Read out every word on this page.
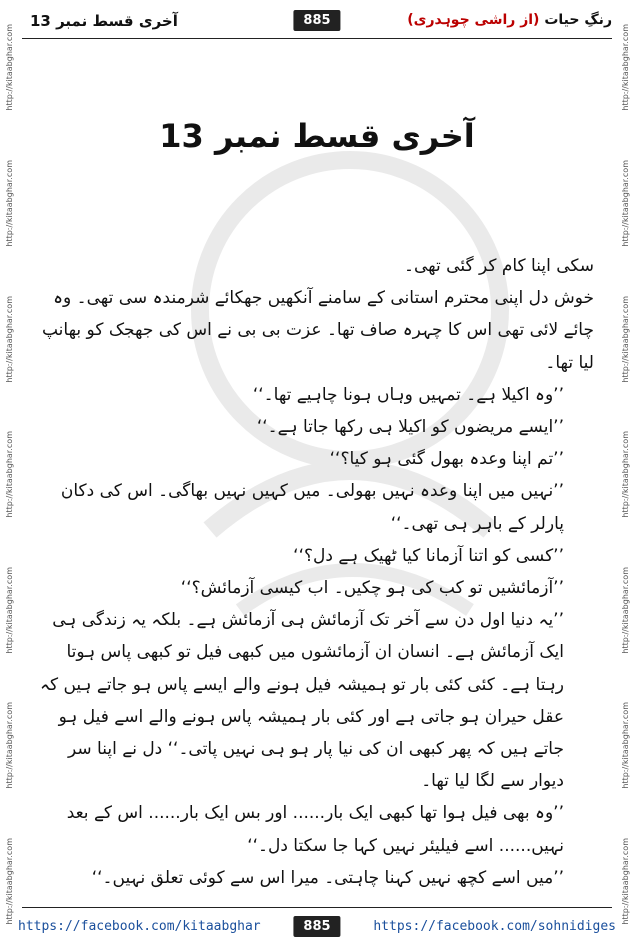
آخری قسط نمبر 13	885	رنگِ حیات (از راشی چوہدری)
http://kitaabghar.com
http://kitaabghar.com
http://kitaabghar.com
http://kitaabghar.com
http://kitaabghar.com
http://kitaabghar.com
http://kitaabghar.com
http://kitaabghar.com
http://kitaabghar.com
http://kitaabghar.com
http://kitaabghar.com
http://kitaabghar.com
http://kitaabghar.com
http://kitaabghar.com
آخری قسط نمبر 13

سکی اپنا کام کر گئی تھی۔

خوش دل اپنی محترم استانی کے سامنے آنکھیں جھکائے شرمندہ سی تھی۔ وہ چائے لائی تھی اس کا چہرہ صاف تھا۔ عزت بی بی نے اس کی جھجک کو بھانپ لیا تھا۔

’’وہ اکیلا ہے۔ تمہیں وہاں ہونا چاہیے تھا۔‘‘

’’ایسے مریضوں کو اکیلا ہی رکھا جاتا ہے۔‘‘

’’تم اپنا وعدہ بھول گئی ہو کیا؟‘‘

’’نہیں میں اپنا وعدہ نہیں بھولی۔ میں کہیں نہیں بھاگی۔ اس کی دکان پارلر کے باہر ہی تھی۔‘‘

’’کسی کو اتنا آزمانا کیا ٹھیک ہے دل؟‘‘

’’آزمائشیں تو کب کی ہو چکیں۔ اب کیسی آزمائش؟‘‘

’’یہ دنیا اول دن سے آخر تک آزمائش ہی آزمائش ہے۔ بلکہ یہ زندگی ہی ایک آزمائش ہے۔ انسان ان آزمائشوں میں کبھی فیل تو کبھی پاس ہوتا رہتا ہے۔ کئی کئی بار تو ہمیشہ فیل ہونے والے ایسے پاس ہو جاتے ہیں کہ عقل حیران ہو جاتی ہے اور کئی بار ہمیشہ پاس ہونے والے اسے فیل ہو جاتے ہیں کہ پھر کبھی ان کی نیا پار ہو ہی نہیں پاتی۔‘‘ دل نے اپنا سر دیوار سے لگا لیا تھا۔

’’وہ بھی فیل ہوا تھا کبھی ایک بار...... اور بس ایک بار...... اس کے بعد نہیں...... اسے فیلیئر نہیں کہا جا سکتا دل۔‘‘

’’میں اسے کچھ نہیں کہنا چاہتی۔ میرا اس سے کوئی تعلق نہیں۔‘‘

https://facebook.com/kitaabghar	885	https://facebook.com/sohnidiges
